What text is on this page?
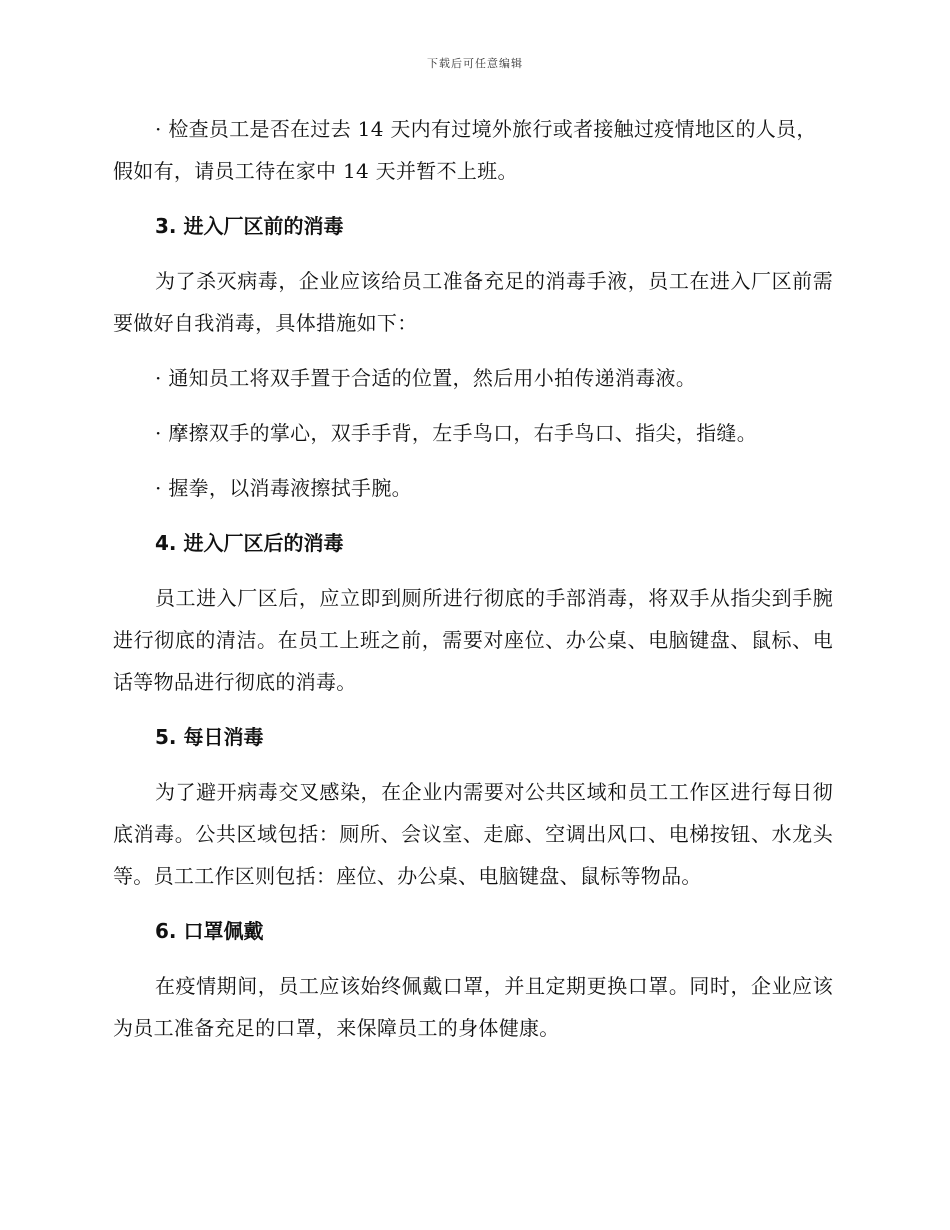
下载后可任意编辑

· 检查员工是否在过去 14 天内有过境外旅行或者接触过疫情地区的人员， 假如有，请员工待在家中 14 天并暂不上班。

3. 进入厂区前的消毒

为了杀灭病毒，企业应该给员工准备充足的消毒手液，员工在进入厂区前需要做好自我消毒，具体措施如下：

· 通知员工将双手置于合适的位置，然后用小拍传递消毒液。

· 摩擦双手的掌心，双手手背，左手鸟口，右手鸟口、指尖，指缝。

· 握拳，以消毒液擦拭手腕。

4. 进入厂区后的消毒

员工进入厂区后，应立即到厕所进行彻底的手部消毒，将双手从指尖到手腕进行彻底的清洁。在员工上班之前，需要对座位、办公桌、电脑键盘、鼠标、电话等物品进行彻底的消毒。

5. 每日消毒

为了避开病毒交叉感染，在企业内需要对公共区域和员工工作区进行每日彻底消毒。公共区域包括：厕所、会议室、走廊、空调出风口、电梯按钮、水龙头等。员工工作区则包括：座位、办公桌、电脑键盘、鼠标等物品。

6. 口罩佩戴

在疫情期间，员工应该始终佩戴口罩，并且定期更换口罩。同时，企业应该为员工准备充足的口罩，来保障员工的身体健康。
